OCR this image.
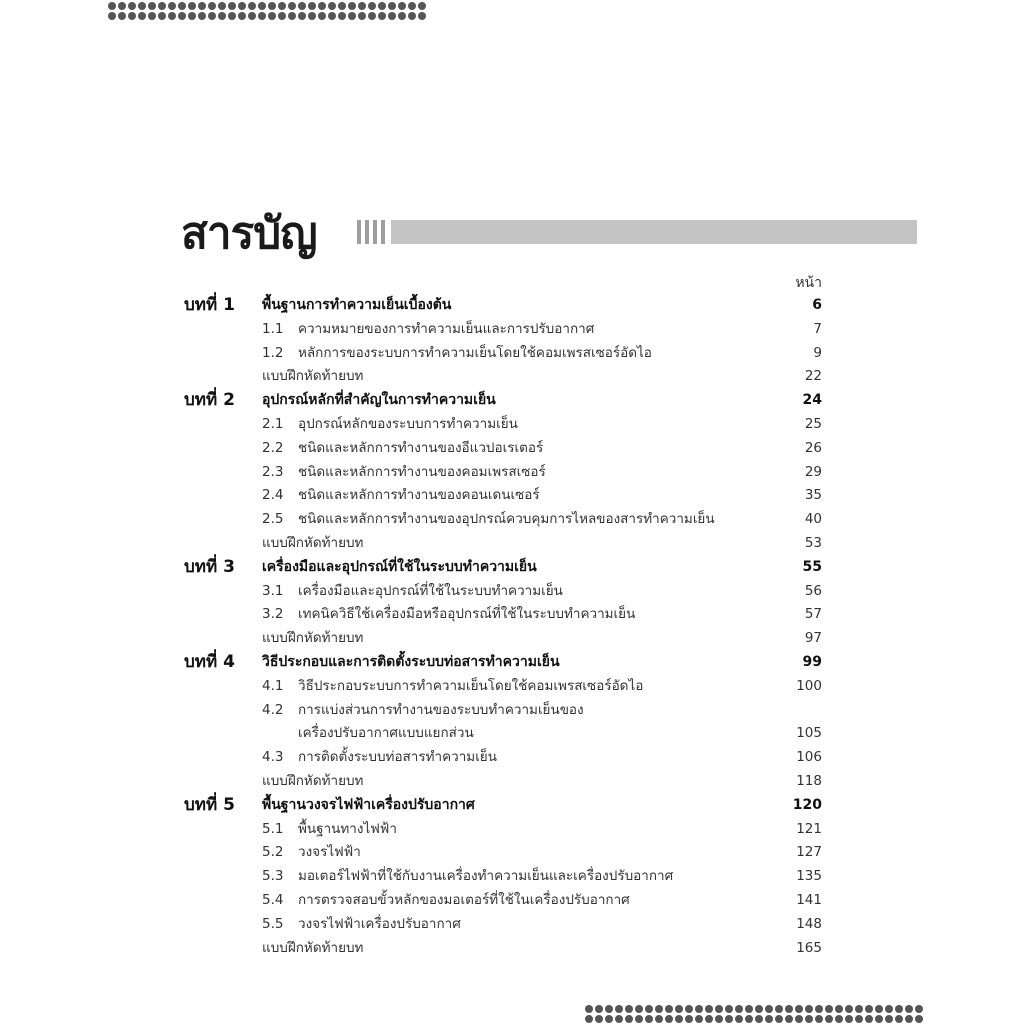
สารบัญ
หน้า
บทที่ 1 พื้นฐานการทำความเย็นเบื้องต้น	6
1.1 ความหมายของการทำความเย็นและการปรับอากาศ	7
1.2 หลักการของระบบการทำความเย็นโดยใช้คอมเพรสเซอร์อัดไอ	9
แบบฝึกหัดท้ายบท	22
บทที่ 2 อุปกรณ์หลักที่สำคัญในการทำความเย็น	24
2.1 อุปกรณ์หลักของระบบการทำความเย็น	25
2.2 ชนิดและหลักการทำงานของอีแวปอเรเตอร์	26
2.3 ชนิดและหลักการทำงานของคอมเพรสเซอร์	29
2.4 ชนิดและหลักการทำงานของคอนเดนเซอร์	35
2.5 ชนิดและหลักการทำงานของอุปกรณ์ควบคุมการไหลของสารทำความเย็น	40
แบบฝึกหัดท้ายบท	53
บทที่ 3 เครื่องมือและอุปกรณ์ที่ใช้ในระบบทำความเย็น	55
3.1 เครื่องมือและอุปกรณ์ที่ใช้ในระบบทำความเย็น	56
3.2 เทคนิควิธีใช้เครื่องมือหรืออุปกรณ์ที่ใช้ในระบบทำความเย็น	57
แบบฝึกหัดท้ายบท	97
บทที่ 4 วิธีประกอบและการติดตั้งระบบท่อสารทำความเย็น	99
4.1 วิธีประกอบระบบการทำความเย็นโดยใช้คอมเพรสเซอร์อัดไอ	100
4.2 การแบ่งส่วนการทำงานของระบบทำความเย็นของ
เครื่องปรับอากาศแบบแยกส่วน	105
4.3 การติดตั้งระบบท่อสารทำความเย็น	106
แบบฝึกหัดท้ายบท	118
บทที่ 5 พื้นฐานวงจรไฟฟ้าเครื่องปรับอากาศ	120
5.1 พื้นฐานทางไฟฟ้า	121
5.2 วงจรไฟฟ้า	127
5.3 มอเตอร์ไฟฟ้าที่ใช้กับงานเครื่องทำความเย็นและเครื่องปรับอากาศ	135
5.4 การตรวจสอบขั้วหลักของมอเตอร์ที่ใช้ในเครื่องปรับอากาศ	141
5.5 วงจรไฟฟ้าเครื่องปรับอากาศ	148
แบบฝึกหัดท้ายบท	165
